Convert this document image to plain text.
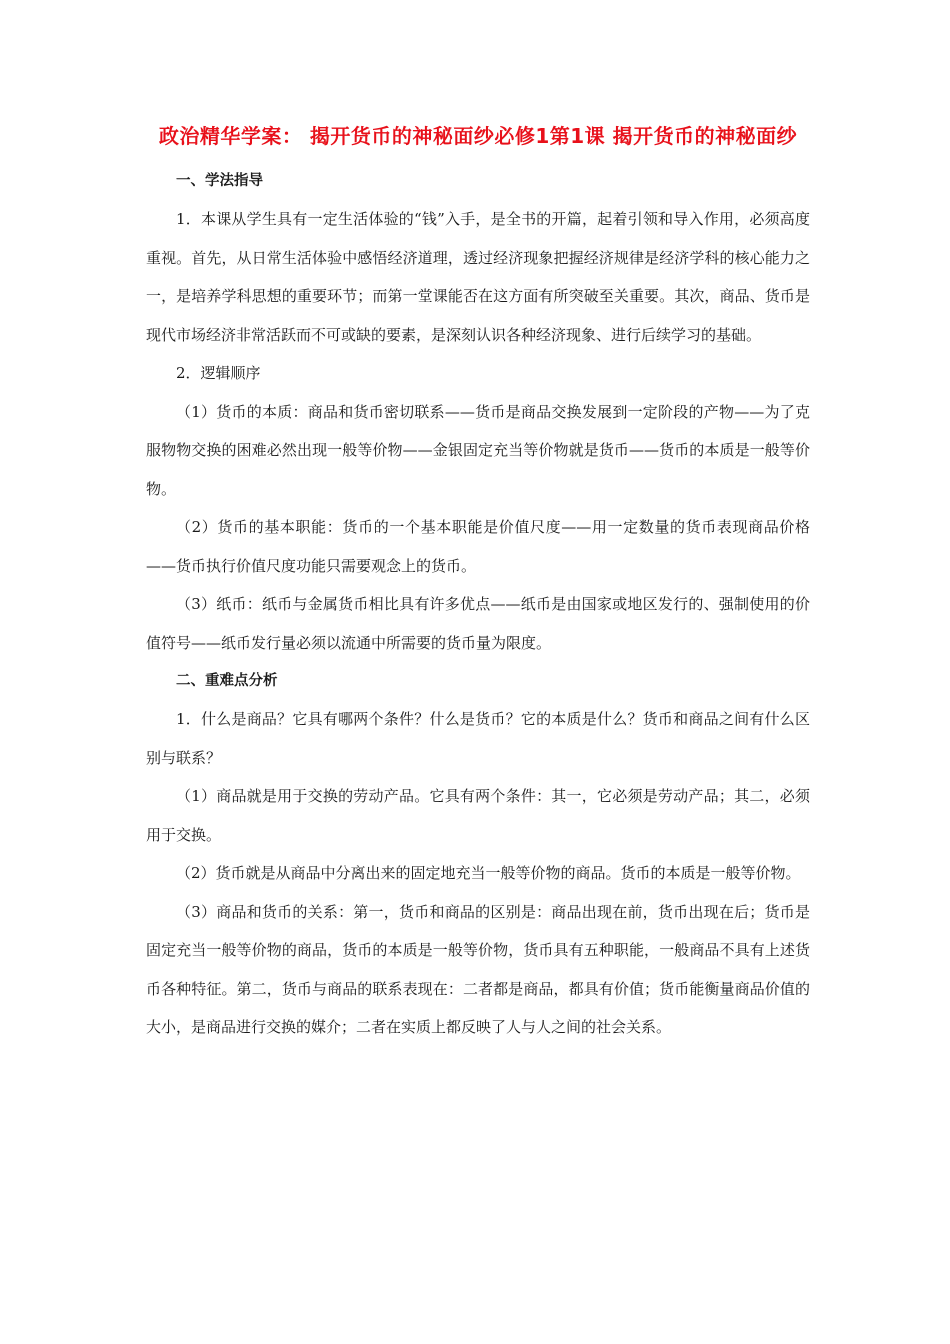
政治精华学案： 揭开货币的神秘面纱必修1第1课 揭开货币的神秘面纱
一、学法指导

1．本课从学生具有一定生活体验的“钱”入手，是全书的开篇，起着引领和导入作用，必须高度重视。首先，从日常生活体验中感悟经济道理，透过经济现象把握经济规律是经济学科的核心能力之一，是培养学科思想的重要环节；而第一堂课能否在这方面有所突破至关重要。其次，商品、货币是现代市场经济非常活跃而不可或缺的要素，是深刻认识各种经济现象、进行后续学习的基础。

2．逻辑顺序

（1）货币的本质：商品和货币密切联系——货币是商品交换发展到一定阶段的产物——为了克服物物交换的困难必然出现一般等价物——金银固定充当等价物就是货币——货币的本质是一般等价物。

（2）货币的基本职能：货币的一个基本职能是价值尺度——用一定数量的货币表现商品价格——货币执行价值尺度功能只需要观念上的货币。

（3）纸币：纸币与金属货币相比具有许多优点——纸币是由国家或地区发行的、强制使用的价值符号——纸币发行量必须以流通中所需要的货币量为限度。

二、重难点分析

1．什么是商品？它具有哪两个条件？什么是货币？它的本质是什么？货币和商品之间有什么区别与联系？

（1）商品就是用于交换的劳动产品。它具有两个条件：其一，它必须是劳动产品；其二，必须用于交换。

（2）货币就是从商品中分离出来的固定地充当一般等价物的商品。货币的本质是一般等价物。

（3）商品和货币的关系：第一，货币和商品的区别是：商品出现在前，货币出现在后；货币是固定充当一般等价物的商品，货币的本质是一般等价物，货币具有五种职能，一般商品不具有上述货币各种特征。第二，货币与商品的联系表现在：二者都是商品，都具有价值；货币能衡量商品价值的大小，是商品进行交换的媒介；二者在实质上都反映了人与人之间的社会关系。
